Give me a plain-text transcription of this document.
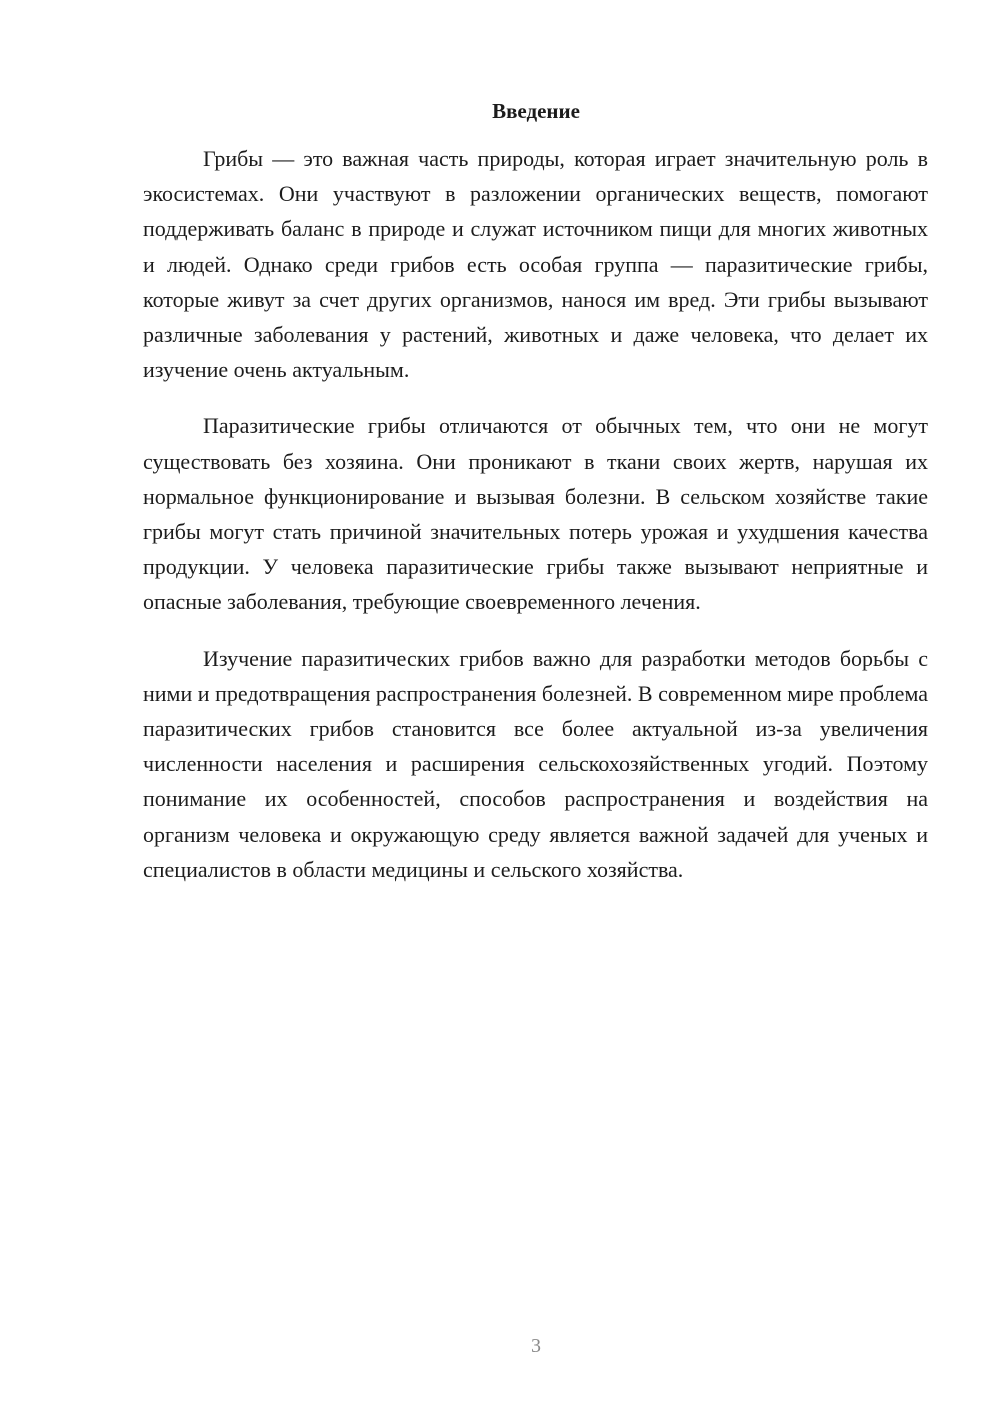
Введение

Грибы — это важная часть природы, которая играет значительную роль в экосистемах. Они участвуют в разложении органических веществ, помогают поддерживать баланс в природе и служат источником пищи для многих животных и людей. Однако среди грибов есть особая группа — паразитические грибы, которые живут за счет других организмов, нанося им вред. Эти грибы вызывают различные заболевания у растений, животных и даже человека, что делает их изучение очень актуальным.

Паразитические грибы отличаются от обычных тем, что они не могут существовать без хозяина. Они проникают в ткани своих жертв, нарушая их нормальное функционирование и вызывая болезни. В сельском хозяйстве такие грибы могут стать причиной значительных потерь урожая и ухудшения качества продукции. У человека паразитические грибы также вызывают неприятные и опасные заболевания, требующие своевременного лечения.

Изучение паразитических грибов важно для разработки методов борьбы с ними и предотвращения распространения болезней. В современном мире проблема паразитических грибов становится все более актуальной из-за увеличения численности населения и расширения сельскохозяйственных угодий. Поэтому понимание их особенностей, способов распространения и воздействия на организм человека и окружающую среду является важной задачей для ученых и специалистов в области медицины и сельского хозяйства.

3
